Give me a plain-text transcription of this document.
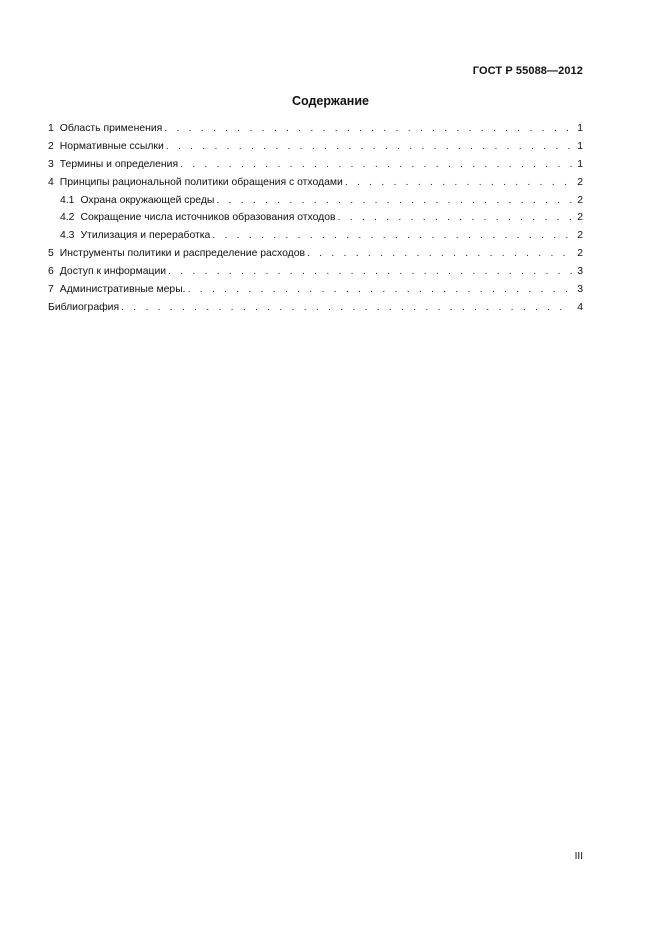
ГОСТ Р 55088—2012
Содержание
1 Область применения . . .	1
2 Нормативные ссылки . . .	1
3 Термины и определения . . .	1
4 Принципы рациональной политики обращения с отходами . . .	2
4.1 Охрана окружающей среды . . .	2
4.2 Сокращение числа источников образования отходов . . .	2
4.3 Утилизация и переработка . . .	2
5 Инструменты политики и распределение расходов . . .	2
6 Доступ к информации . . .	3
7 Административные меры. . . .	3
Библиография . . .	4
III
